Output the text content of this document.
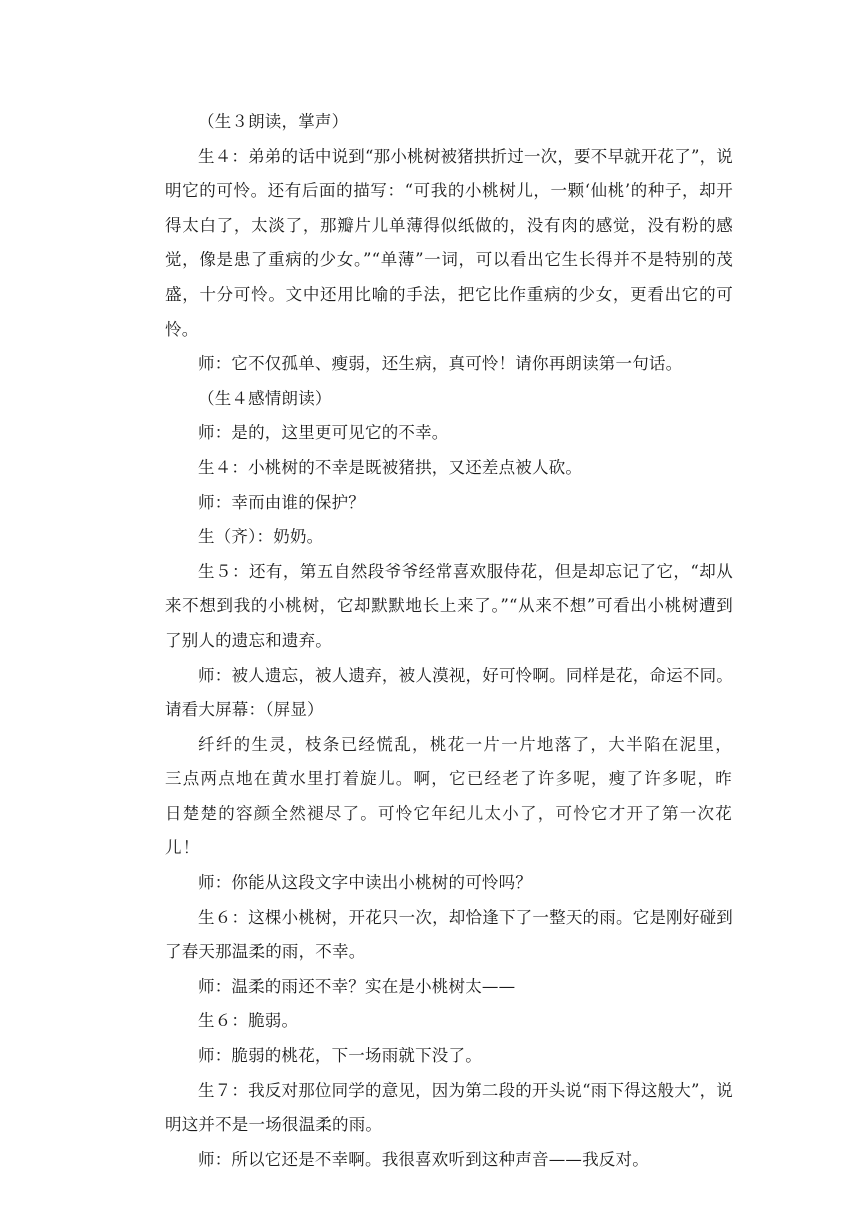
（生３朗读，掌声）

生４：弟弟的话中说到“那小桃树被猪拱折过一次，要不早就开花了”，说明它的可怜。还有后面的描写：“可我的小桃树儿，一颗‘仙桃’的种子，却开得太白了，太淡了，那瓣片儿单薄得似纸做的，没有肉的感觉，没有粉的感觉，像是患了重病的少女。”“单薄”一词，可以看出它生长得并不是特别的茂盛，十分可怜。文中还用比喻的手法，把它比作重病的少女，更看出它的可怜。

师：它不仅孤单、瘦弱，还生病，真可怜！请你再朗读第一句话。

（生４感情朗读）

师：是的，这里更可见它的不幸。

生４：小桃树的不幸是既被猪拱，又还差点被人砍。

师：幸而由谁的保护？

生（齐）：奶奶。

生５：还有，第五自然段爷爷经常喜欢服侍花，但是却忘记了它，“却从来不想到我的小桃树，它却默默地长上来了。”“从来不想”可看出小桃树遭到了别人的遗忘和遗弃。

师：被人遗忘，被人遗弃，被人漠视，好可怜啊。同样是花，命运不同。请看大屏幕：（屏显）

纤纤的生灵，枝条已经慌乱，桃花一片一片地落了，大半陷在泥里，三点两点地在黄水里打着旋儿。啊，它已经老了许多呢，瘦了许多呢，昨日楚楚的容颜全然褪尽了。可怜它年纪儿太小了，可怜它才开了第一次花儿！

师：你能从这段文字中读出小桃树的可怜吗？

生６：这棵小桃树，开花只一次，却恰逢下了一整天的雨。它是刚好碰到了春天那温柔的雨，不幸。

师：温柔的雨还不幸？实在是小桃树太——

生６：脆弱。

师：脆弱的桃花，下一场雨就下没了。

生７：我反对那位同学的意见，因为第二段的开头说“雨下得这般大”，说明这并不是一场很温柔的雨。

师：所以它还是不幸啊。我很喜欢听到这种声音——我反对。
